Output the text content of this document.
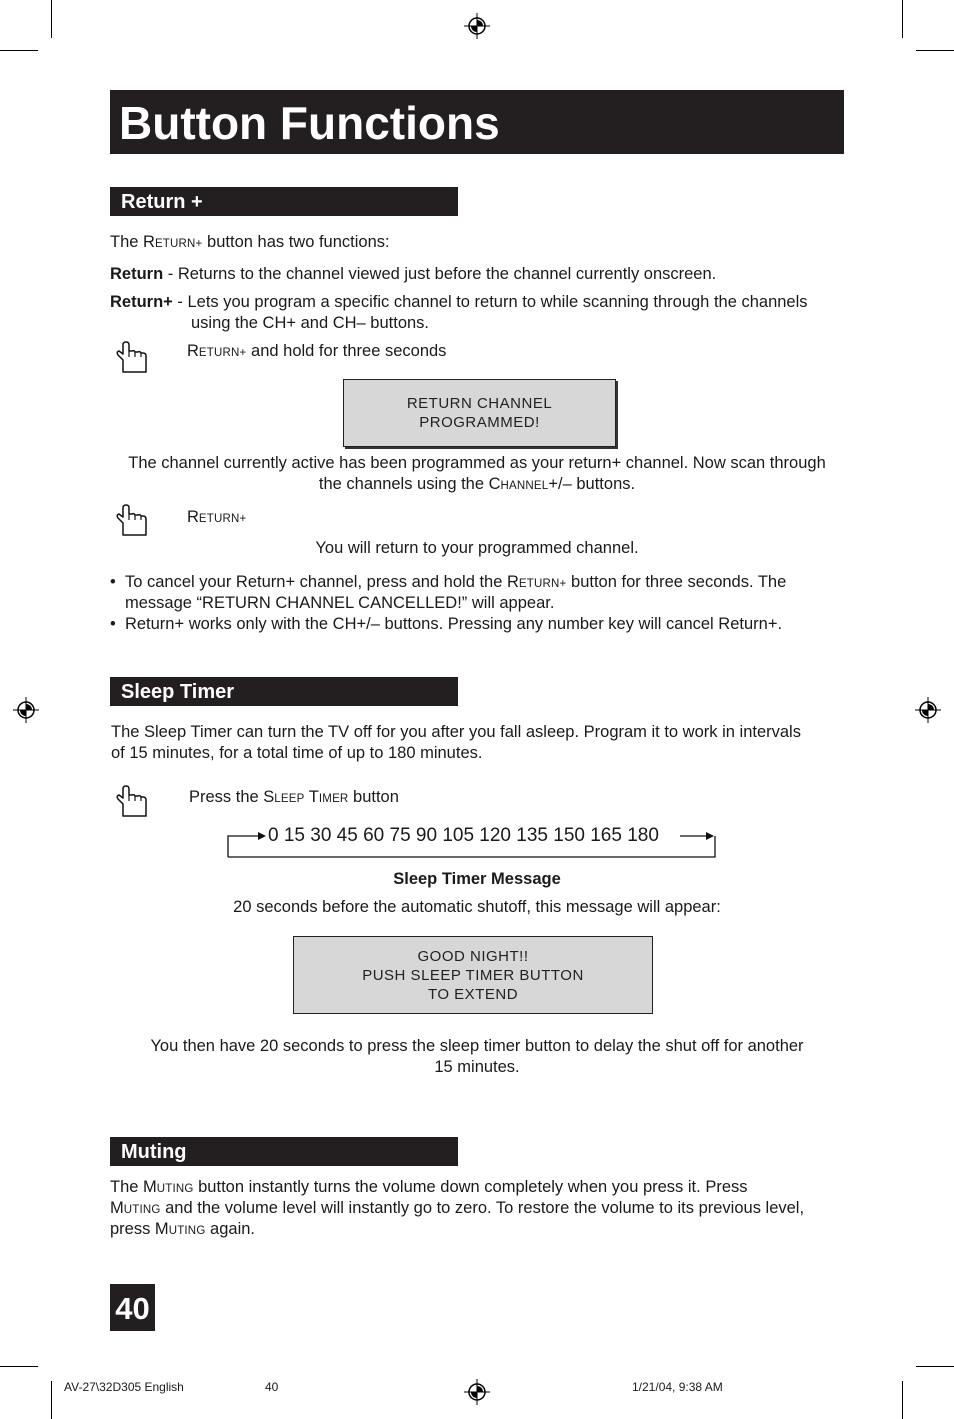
Button Functions
Return +
The RETURN+ button has two functions:
Return - Returns to the channel viewed just before the channel currently onscreen.
Return+ - Lets you program a specific channel to return to while scanning through the channels
using the CH+ and CH– buttons.
RETURN+ and hold for three seconds
RETURN CHANNEL
PROGRAMMED!
The channel currently active has been programmed as your return+ channel. Now scan through
the channels using the CHANNEL+/– buttons.
RETURN+
You will return to your programmed channel.
•  To cancel your Return+ channel, press and hold the RETURN+ button for three seconds. The
message “RETURN CHANNEL CANCELLED!” will appear.
•  Return+ works only with the CH+/– buttons. Pressing any number key will cancel Return+.
Sleep Timer
The Sleep Timer can turn the TV off for you after you fall asleep. Program it to work in intervals
of 15 minutes, for a total time of up to 180 minutes.
Press the SLEEP TIMER button
0 15 30 45 60 75 90 105 120 135 150 165 180
Sleep Timer Message
20 seconds before the automatic shutoff, this message will appear:
GOOD NIGHT!!
PUSH SLEEP TIMER BUTTON
TO EXTEND
You then have 20 seconds to press the sleep timer button to delay the shut off for another
15 minutes.
Muting
The MUTING button instantly turns the volume down completely when you press it. Press
MUTING and the volume level will instantly go to zero. To restore the volume to its previous level,
press MUTING again.
40
AV-27\32D305 English	40	1/21/04, 9:38 AM
